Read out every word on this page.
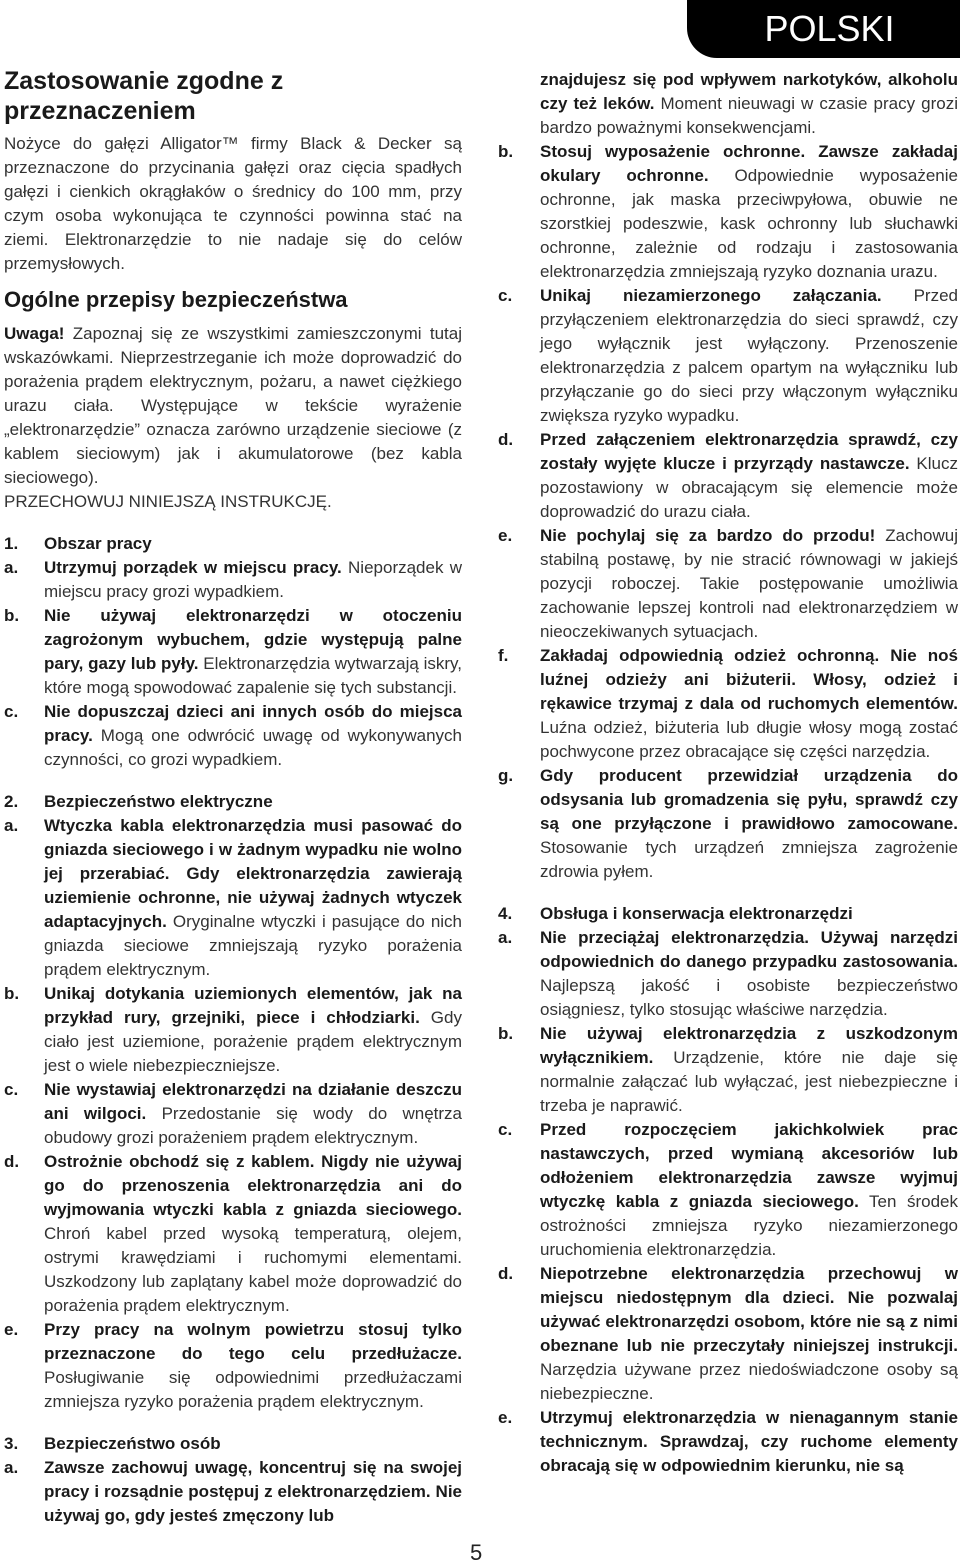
POLSKI
Zastosowanie zgodne z przeznaczeniem
Nożyce do gałęzi Alligator™ firmy Black & Decker są przeznaczone do przycinania gałęzi oraz cięcia spadłych gałęzi i cienkich okrągłaków o średnicy do 100 mm, przy czym osoba wykonująca te czynności powinna stać na ziemi. Elektronarzędzie to nie nadaje się do celów przemysłowych.
Ogólne przepisy bezpieczeństwa
Uwaga! Zapoznaj się ze wszystkimi zamieszczonymi tutaj wskazówkami. Nieprzestrzeganie ich może doprowadzić do porażenia prądem elektrycznym, pożaru, a nawet ciężkiego urazu ciała. Występujące w tekście wyrażenie „elektronarzędzie” oznacza zarówno urządzenie sieciowe (z kablem sieciowym) jak i akumulatorowe (bez kabla sieciowego).
PRZECHOWUJ NINIEJSZĄ INSTRUKCJĘ.
1.	Obszar pracy
a.	Utrzymuj porządek w miejscu pracy. Nieporządek w miejscu pracy grozi wypadkiem.
b.	Nie używaj elektronarzędzi w otoczeniu zagrożonym wybuchem, gdzie występują palne pary, gazy lub pyły. Elektronarzędzia wytwarzają iskry, które mogą spowodować zapalenie się tych substancji.
c.	Nie dopuszczaj dzieci ani innych osób do miejsca pracy. Mogą one odwrócić uwagę od wykonywanych czynności, co grozi wypadkiem.
2.	Bezpieczeństwo elektryczne
a.	Wtyczka kabla elektronarzędzia musi pasować do gniazda sieciowego i w żadnym wypadku nie wolno jej przerabiać. Gdy elektronarzędzia zawierają uziemienie ochronne, nie używaj żadnych wtyczek adaptacyjnych. Oryginalne wtyczki i pasujące do nich gniazda sieciowe zmniejszają ryzyko porażenia prądem elektrycznym.
b.	Unikaj dotykania uziemionych elementów, jak na przykład rury, grzejniki, piece i chłodziarki. Gdy ciało jest uziemione, porażenie prądem elektrycznym jest o wiele niebezpieczniejsze.
c.	Nie wystawiaj elektronarzędzi na działanie deszczu ani wilgoci. Przedostanie się wody do wnętrza obudowy grozi porażeniem prądem elektrycznym.
d.	Ostrożnie obchodź się z kablem. Nigdy nie używaj go do przenoszenia elektronarzędzia ani do wyjmowania wtyczki kabla z gniazda sieciowego. Chroń kabel przed wysoką temperaturą, olejem, ostrymi krawędziami i ruchomymi elementami. Uszkodzony lub zaplątany kabel może doprowadzić do porażenia prądem elektrycznym.
e.	Przy pracy na wolnym powietrzu stosuj tylko przeznaczone do tego celu przedłużacze. Posługiwanie się odpowiednimi przedłużaczami zmniejsza ryzyko porażenia prądem elektrycznym.
3.	Bezpieczeństwo osób
a.	Zawsze zachowuj uwagę, koncentruj się na swojej pracy i rozsądnie postępuj z elektronarzędziem. Nie używaj go, gdy jesteś zmęczony lub
znajdujesz się pod wpływem narkotyków, alkoholu czy też leków. Moment nieuwagi w czasie pracy grozi bardzo poważnymi konsekwencjami.
b.	Stosuj wyposażenie ochronne. Zawsze zakładaj okulary ochronne. Odpowiednie wyposażenie ochronne, jak maska przeciwpyłowa, obuwie ne szorstkiej podeszwie, kask ochronny lub słuchawki ochronne, zależnie od rodzaju i zastosowania elektronarzędzia zmniejszają ryzyko doznania urazu.
c.	Unikaj niezamierzonego załączania. Przed przyłączeniem elektronarzędzia do sieci sprawdź, czy jego wyłącznik jest wyłączony. Przenoszenie elektronarzędzia z palcem opartym na wyłączniku lub przyłączanie go do sieci przy włączonym wyłączniku zwiększa ryzyko wypadku.
d.	Przed załączeniem elektronarzędzia sprawdź, czy zostały wyjęte klucze i przyrządy nastawcze. Klucz pozostawiony w obracającym się elemencie może doprowadzić do urazu ciała.
e.	Nie pochylaj się za bardzo do przodu! Zachowuj stabilną postawę, by nie stracić równowagi w jakiejś pozycji roboczej. Takie postępowanie umożliwia zachowanie lepszej kontroli nad elektronarzędziem w nieoczekiwanych sytuacjach.
f.	Zakładaj odpowiednią odzież ochronną. Nie noś luźnej odzieży ani biżuterii. Włosy, odzież i rękawice trzymaj z dala od ruchomych elementów. Luźna odzież, biżuteria lub długie włosy mogą zostać pochwycone przez obracające się części narzędzia.
g.	Gdy producent przewidział urządzenia do odsysania lub gromadzenia się pyłu, sprawdź czy są one przyłączone i prawidłowo zamocowane. Stosowanie tych urządzeń zmniejsza zagrożenie zdrowia pyłem.
4.	Obsługa i konserwacja elektronarzędzi
a.	Nie przeciążaj elektronarzędzia. Używaj narzędzi odpowiednich do danego przypadku zastosowania. Najlepszą jakość i osobiste bezpieczeństwo osiągniesz, tylko stosując właściwe narzędzia.
b.	Nie używaj elektronarzędzia z uszkodzonym wyłącznikiem. Urządzenie, które nie daje się normalnie załączać lub wyłączać, jest niebezpieczne i trzeba je naprawić.
c.	Przed rozpoczęciem jakichkolwiek prac nastawczych, przed wymianą akcesoriów lub odłożeniem elektronarzędzia zawsze wyjmuj wtyczkę kabla z gniazda sieciowego. Ten środek ostrożności zmniejsza ryzyko niezamierzonego uruchomienia elektronarzędzia.
d.	Niepotrzebne elektronarzędzia przechowuj w miejscu niedostępnym dla dzieci. Nie pozwalaj używać elektronarzędzi osobom, które nie są z nimi obeznane lub nie przeczytały niniejszej instrukcji. Narzędzia używane przez niedoświadczone osoby są niebezpieczne.
e.	Utrzymuj elektronarzędzia w nienagannym stanie technicznym. Sprawdzaj, czy ruchome elementy obracają się w odpowiednim kierunku, nie są
5
